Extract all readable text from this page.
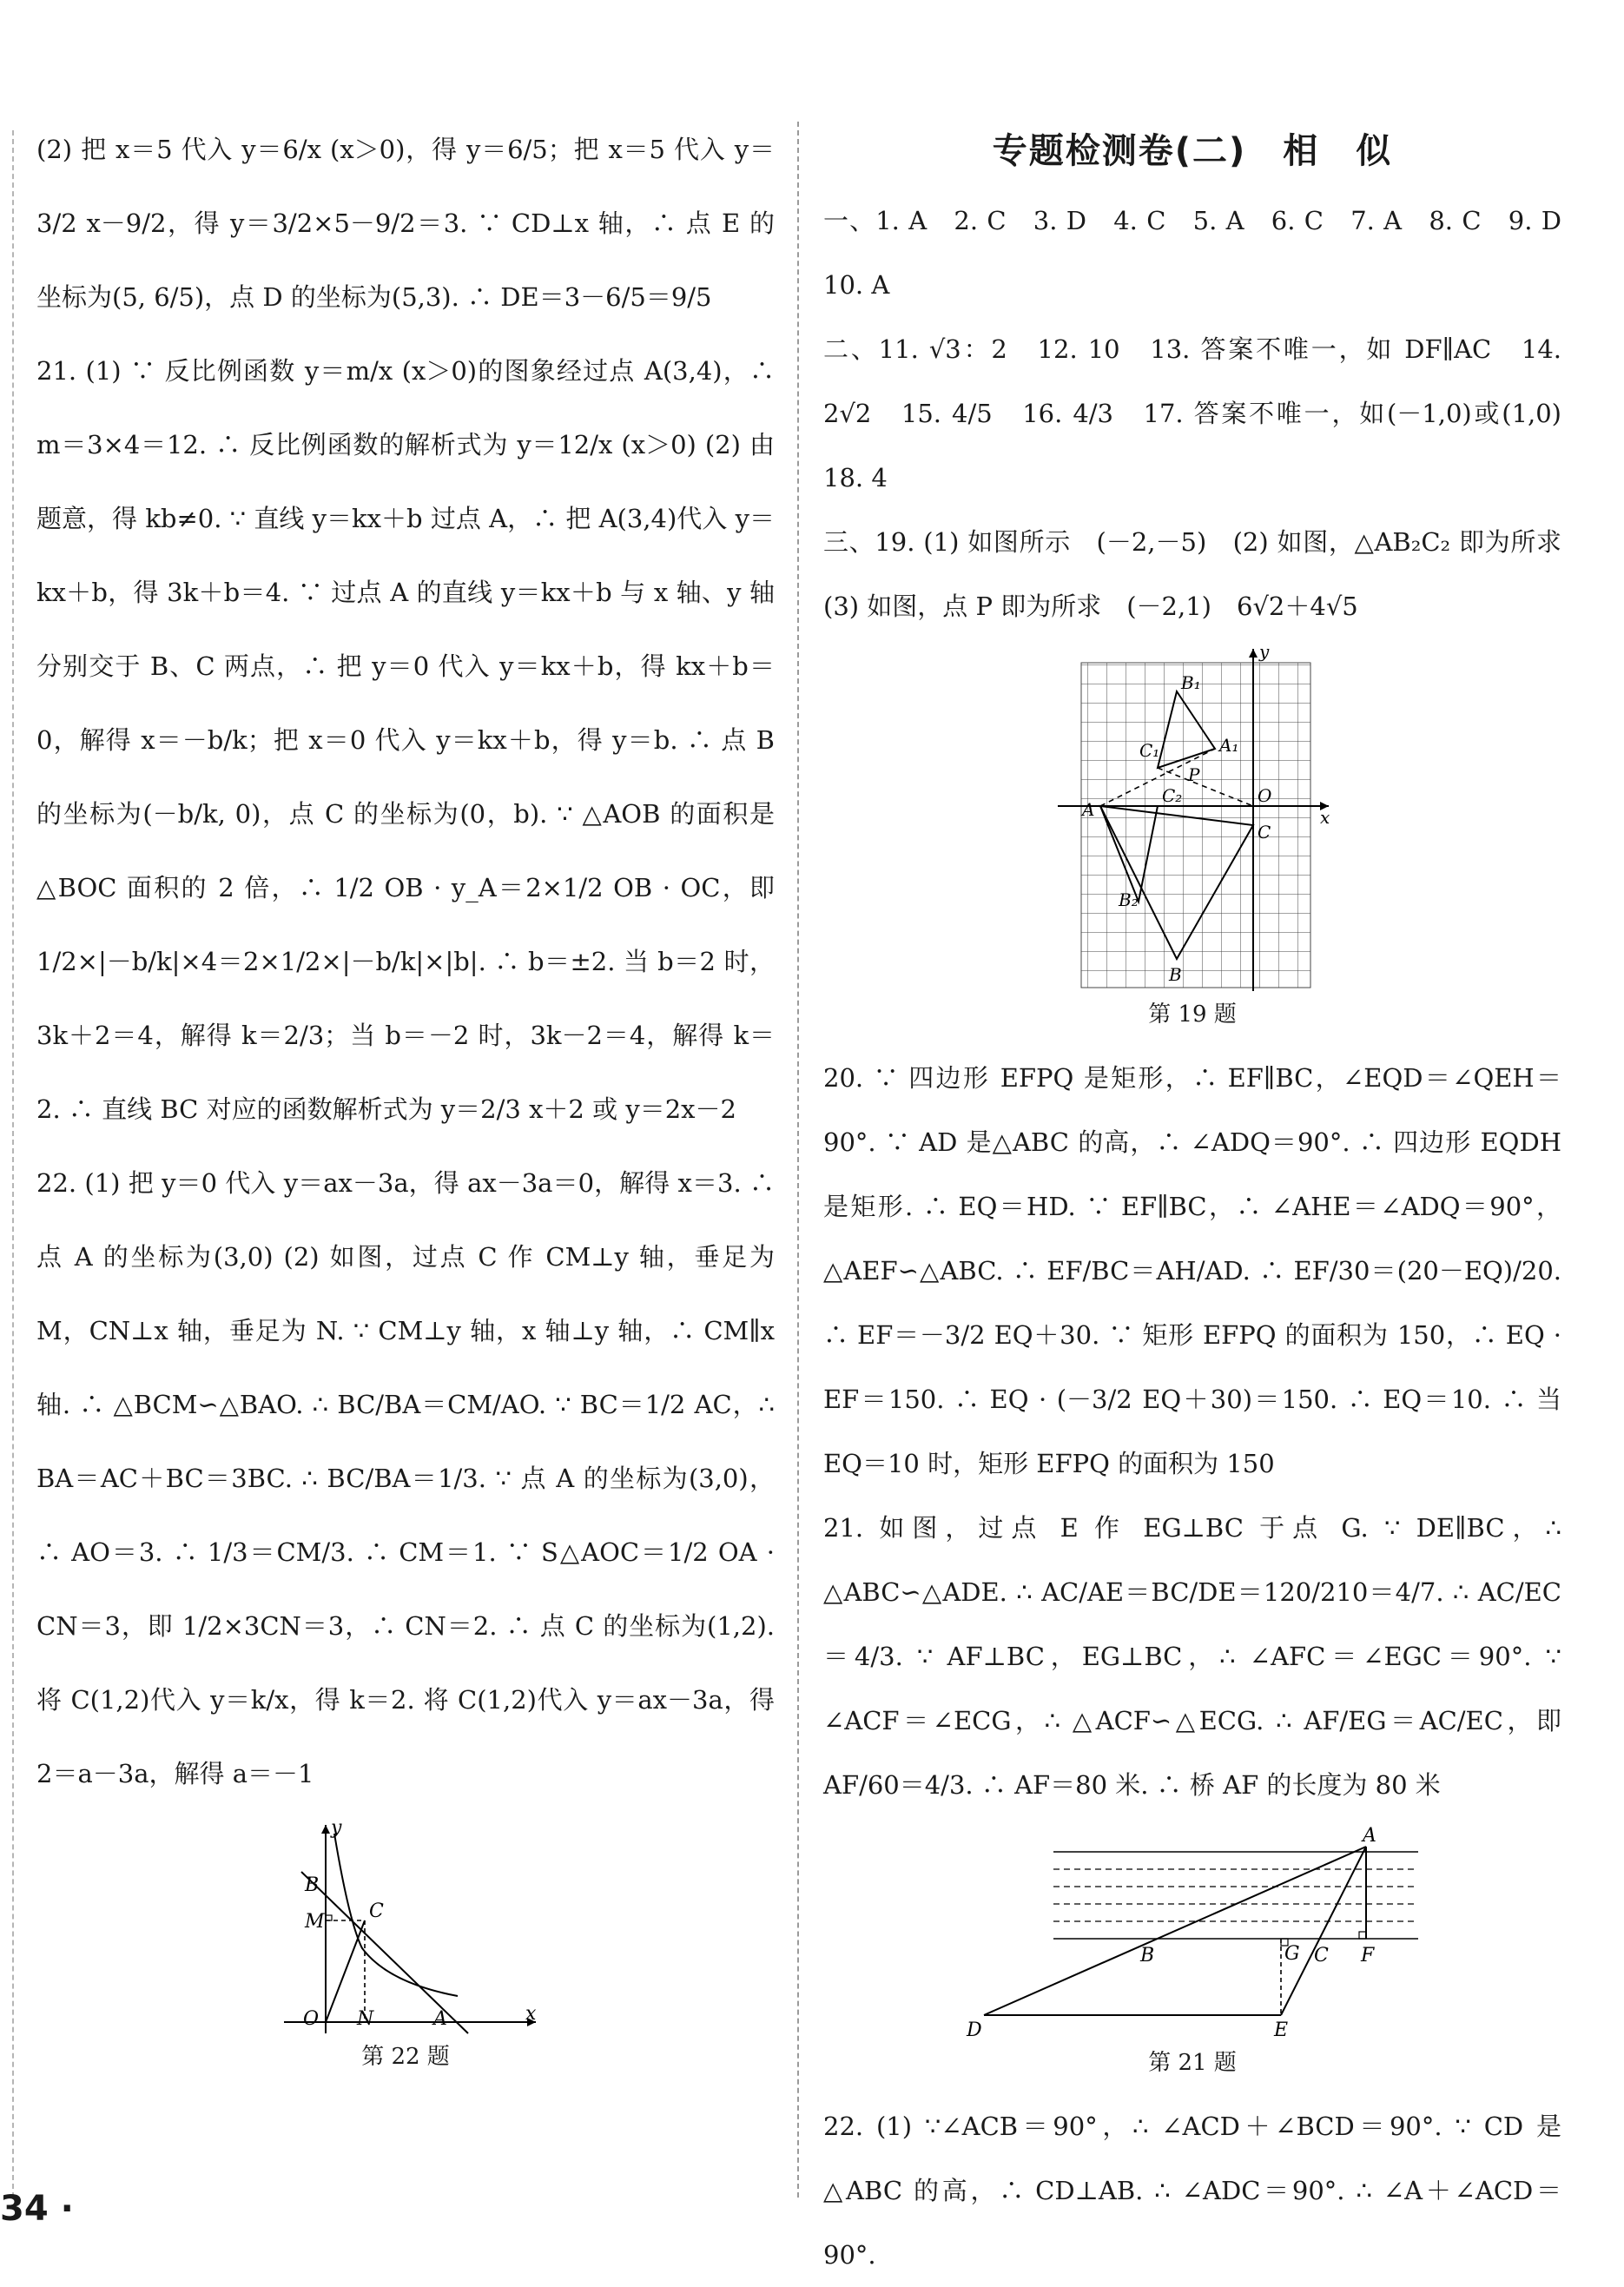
(2) 把 x＝5 代入 y＝6/x (x＞0)，得 y＝6/5；把 x＝5 代入 y＝3/2 x－9/2，得 y＝3/2×5－9/2＝3. ∵ CD⊥x 轴，∴ 点 E 的坐标为(5, 6/5)，点 D 的坐标为(5,3). ∴ DE＝3－6/5＝9/5

21. (1) ∵ 反比例函数 y＝m/x (x＞0)的图象经过点 A(3,4)，∴ m＝3×4＝12. ∴ 反比例函数的解析式为 y＝12/x (x＞0) (2) 由题意，得 kb≠0. ∵ 直线 y＝kx＋b 过点 A，∴ 把 A(3,4)代入 y＝kx＋b，得 3k＋b＝4. ∵ 过点 A 的直线 y＝kx＋b 与 x 轴、y 轴分别交于 B、C 两点，∴ 把 y＝0 代入 y＝kx＋b，得 kx＋b＝0，解得 x＝－b/k；把 x＝0 代入 y＝kx＋b，得 y＝b. ∴ 点 B 的坐标为(－b/k, 0)，点 C 的坐标为(0，b). ∵ △AOB 的面积是△BOC 面积的 2 倍，∴ 1/2 OB · y_A＝2×1/2 OB · OC，即 1/2×|－b/k|×4＝2×1/2×|－b/k|×|b|. ∴ b＝±2. 当 b＝2 时，3k＋2＝4，解得 k＝2/3；当 b＝－2 时，3k－2＝4，解得 k＝2. ∴ 直线 BC 对应的函数解析式为 y＝2/3 x＋2 或 y＝2x－2

22. (1) 把 y＝0 代入 y＝ax－3a，得 ax－3a＝0，解得 x＝3. ∴ 点 A 的坐标为(3,0) (2) 如图，过点 C 作 CM⊥y 轴，垂足为 M，CN⊥x 轴，垂足为 N. ∵ CM⊥y 轴，x 轴⊥y 轴，∴ CM∥x 轴. ∴ △BCM∽△BAO. ∴ BC/BA＝CM/AO. ∵ BC＝1/2 AC，∴ BA＝AC＋BC＝3BC. ∴ BC/BA＝1/3. ∵ 点 A 的坐标为(3,0)，∴ AO＝3. ∴ 1/3＝CM/3. ∴ CM＝1. ∵ S△AOC＝1/2 OA · CN＝3，即 1/2×3CN＝3，∴ CN＝2. ∴ 点 C 的坐标为(1,2). 将 C(1,2)代入 y＝k/x，得 k＝2. 将 C(1,2)代入 y＝ax－3a，得 2＝a－3a，解得 a＝－1

y
x
B
M C
O N	A
第 22 题
专题检测卷(二)　相　似

一、1. A　2. C　3. D　4. C　5. A　6. C　7. A　8. C　9. D　10. A

二、11. √3：2　12. 10　13. 答案不唯一，如 DF∥AC　14. 2√2　15. 4/5　16. 4/3　17. 答案不唯一，如(－1,0)或(1,0)　18. 4

三、19. (1) 如图所示　(－2,－5)　(2) 如图，△AB₂C₂ 即为所求　(3) 如图，点 P 即为所求　(－2,1)　6√2＋4√5

y
x
B₁
C₁	A₁
P
A
C₂	O
C
B₂
B
第 19 题

20. ∵ 四边形 EFPQ 是矩形，∴ EF∥BC，∠EQD＝∠QEH＝90°. ∵ AD 是△ABC 的高，∴ ∠ADQ＝90°. ∴ 四边形 EQDH 是矩形. ∴ EQ＝HD. ∵ EF∥BC，∴ ∠AHE＝∠ADQ＝90°，△AEF∽△ABC. ∴ EF/BC＝AH/AD. ∴ EF/30＝(20－EQ)/20. ∴ EF＝－3/2 EQ＋30. ∵ 矩形 EFPQ 的面积为 150，∴ EQ · EF＝150. ∴ EQ · (－3/2 EQ＋30)＝150. ∴ EQ＝10. ∴ 当 EQ＝10 时，矩形 EFPQ 的面积为 150

21. 如图，过点 E 作 EG⊥BC 于点 G. ∵ DE∥BC，∴ △ABC∽△ADE. ∴ AC/AE＝BC/DE＝120/210＝4/7. ∴ AC/EC＝4/3. ∵ AF⊥BC，EG⊥BC，∴ ∠AFC＝∠EGC＝90°. ∵ ∠ACF＝∠ECG，∴ △ACF∽△ECG. ∴ AF/EG＝AC/EC，即 AF/60＝4/3. ∴ AF＝80 米. ∴ 桥 AF 的长度为 80 米

A
B	G C F
D	E
第 21 题

22. (1) ∵∠ACB＝90°，∴ ∠ACD＋∠BCD＝90°. ∵ CD 是△ABC 的高，∴ CD⊥AB. ∴ ∠ADC＝90°. ∴ ∠A＋∠ACD＝90°.

34 ·
